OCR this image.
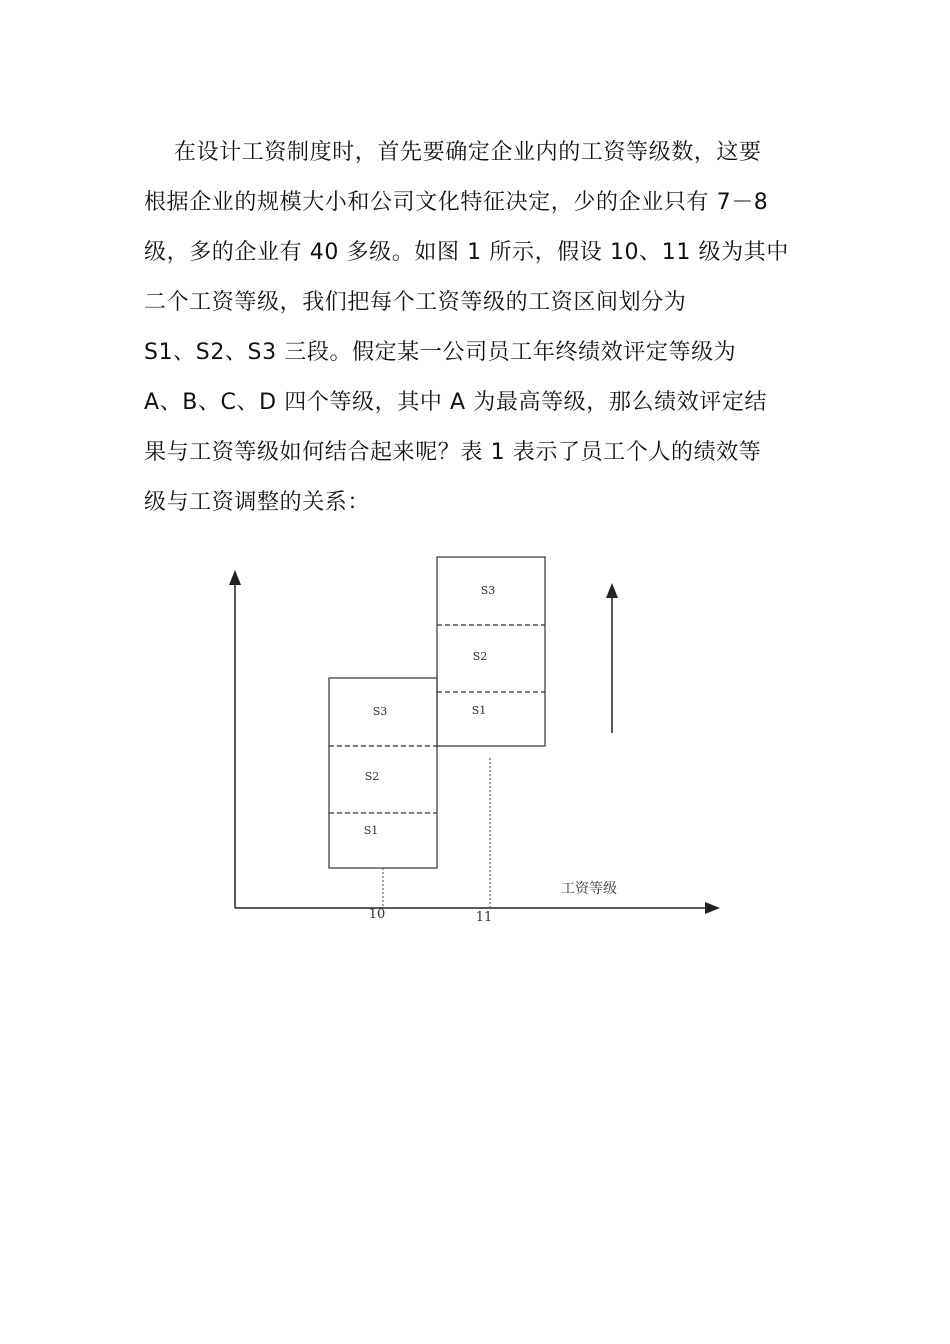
在设计工资制度时，首先要确定企业内的工资等级数，这要
根据企业的规模大小和公司文化特征决定，少的企业只有 7－8
级，多的企业有 40 多级。如图 1 所示，假设 10、11 级为其中
二个工资等级，我们把每个工资等级的工资区间划分为
S1、S2、S3 三段。假定某一公司员工年终绩效评定等级为
A、B、C、D 四个等级，其中 A 为最高等级，那么绩效评定结
果与工资等级如何结合起来呢？表 1 表示了员工个人的绩效等
级与工资调整的关系：
S3
S2
S1
S3
S2
S1
10	11
工资等级
